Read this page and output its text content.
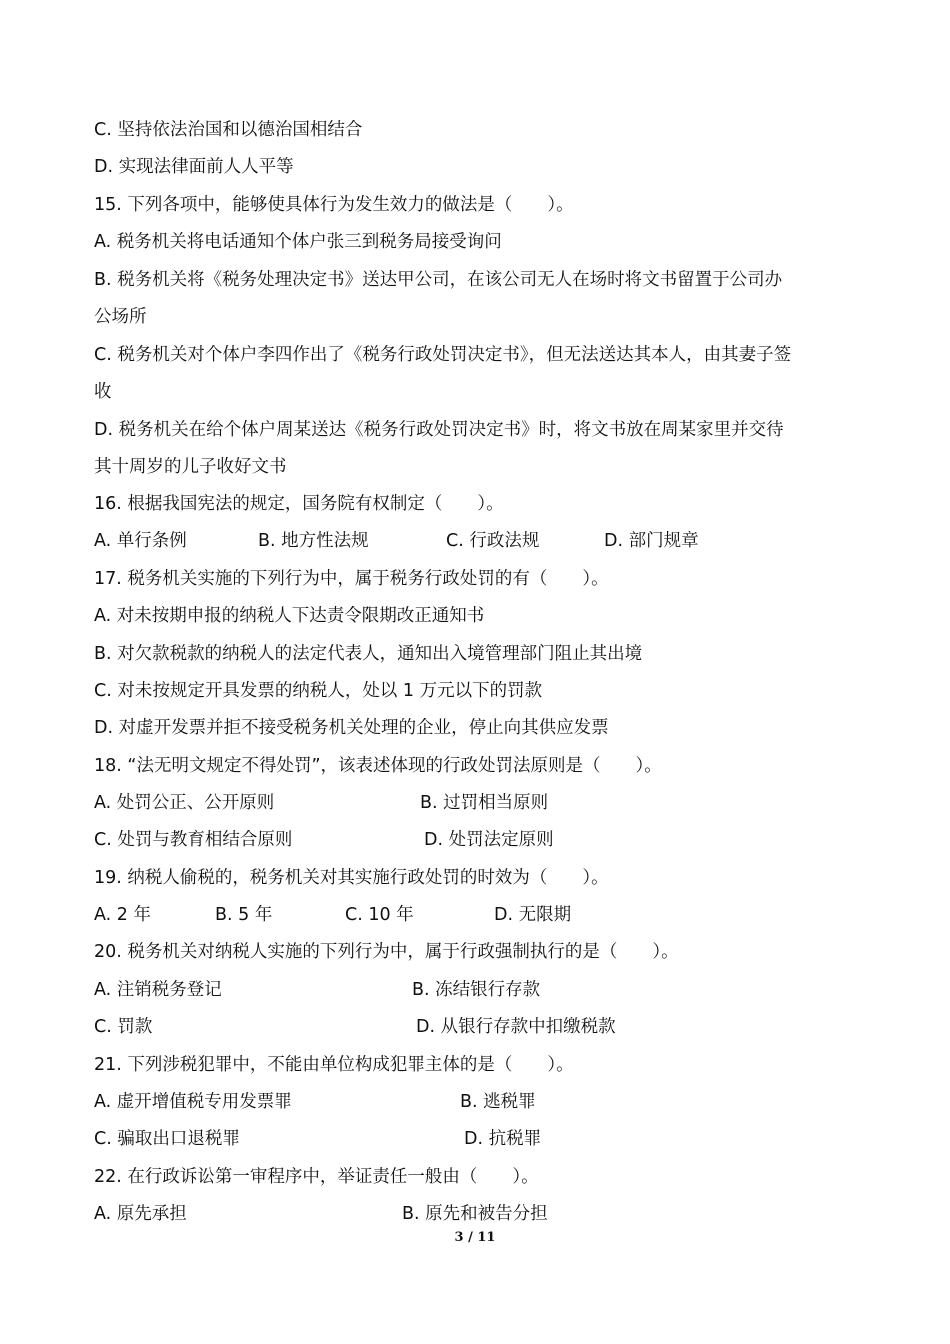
C. 坚持依法治国和以德治国相结合
D. 实现法律面前人人平等
15. 下列各项中，能够使具体行为发生效力的做法是（　　）。
A. 税务机关将电话通知个体户张三到税务局接受询问
B. 税务机关将《税务处理决定书》送达甲公司，在该公司无人在场时将文书留置于公司办
公场所
C. 税务机关对个体户李四作出了《税务行政处罚决定书》，但无法送达其本人，由其妻子签
收
D. 税务机关在给个体户周某送达《税务行政处罚决定书》时，将文书放在周某家里并交待
其十周岁的儿子收好文书
16. 根据我国宪法的规定，国务院有权制定（　　）。
A. 单行条例	B. 地方性法规	C. 行政法规	D. 部门规章
17. 税务机关实施的下列行为中，属于税务行政处罚的有（　　）。
A. 对未按期申报的纳税人下达责令限期改正通知书
B. 对欠款税款的纳税人的法定代表人，通知出入境管理部门阻止其出境
C. 对未按规定开具发票的纳税人，处以 1 万元以下的罚款
D. 对虚开发票并拒不接受税务机关处理的企业，停止向其供应发票
18. “法无明文规定不得处罚”，该表述体现的行政处罚法原则是（　　）。
A. 处罚公正、公开原则	B. 过罚相当原则
C. 处罚与教育相结合原则	D. 处罚法定原则
19. 纳税人偷税的，税务机关对其实施行政处罚的时效为（　　）。
A. 2 年	B. 5 年	C. 10 年	D. 无限期
20. 税务机关对纳税人实施的下列行为中，属于行政强制执行的是（　　）。
A. 注销税务登记	B. 冻结银行存款
C. 罚款	D. 从银行存款中扣缴税款
21. 下列涉税犯罪中，不能由单位构成犯罪主体的是（　　）。
A. 虚开增值税专用发票罪	B. 逃税罪
C. 骗取出口退税罪	D. 抗税罪
22. 在行政诉讼第一审程序中，举证责任一般由（　　）。
A. 原先承担	B. 原先和被告分担
3 / 11
